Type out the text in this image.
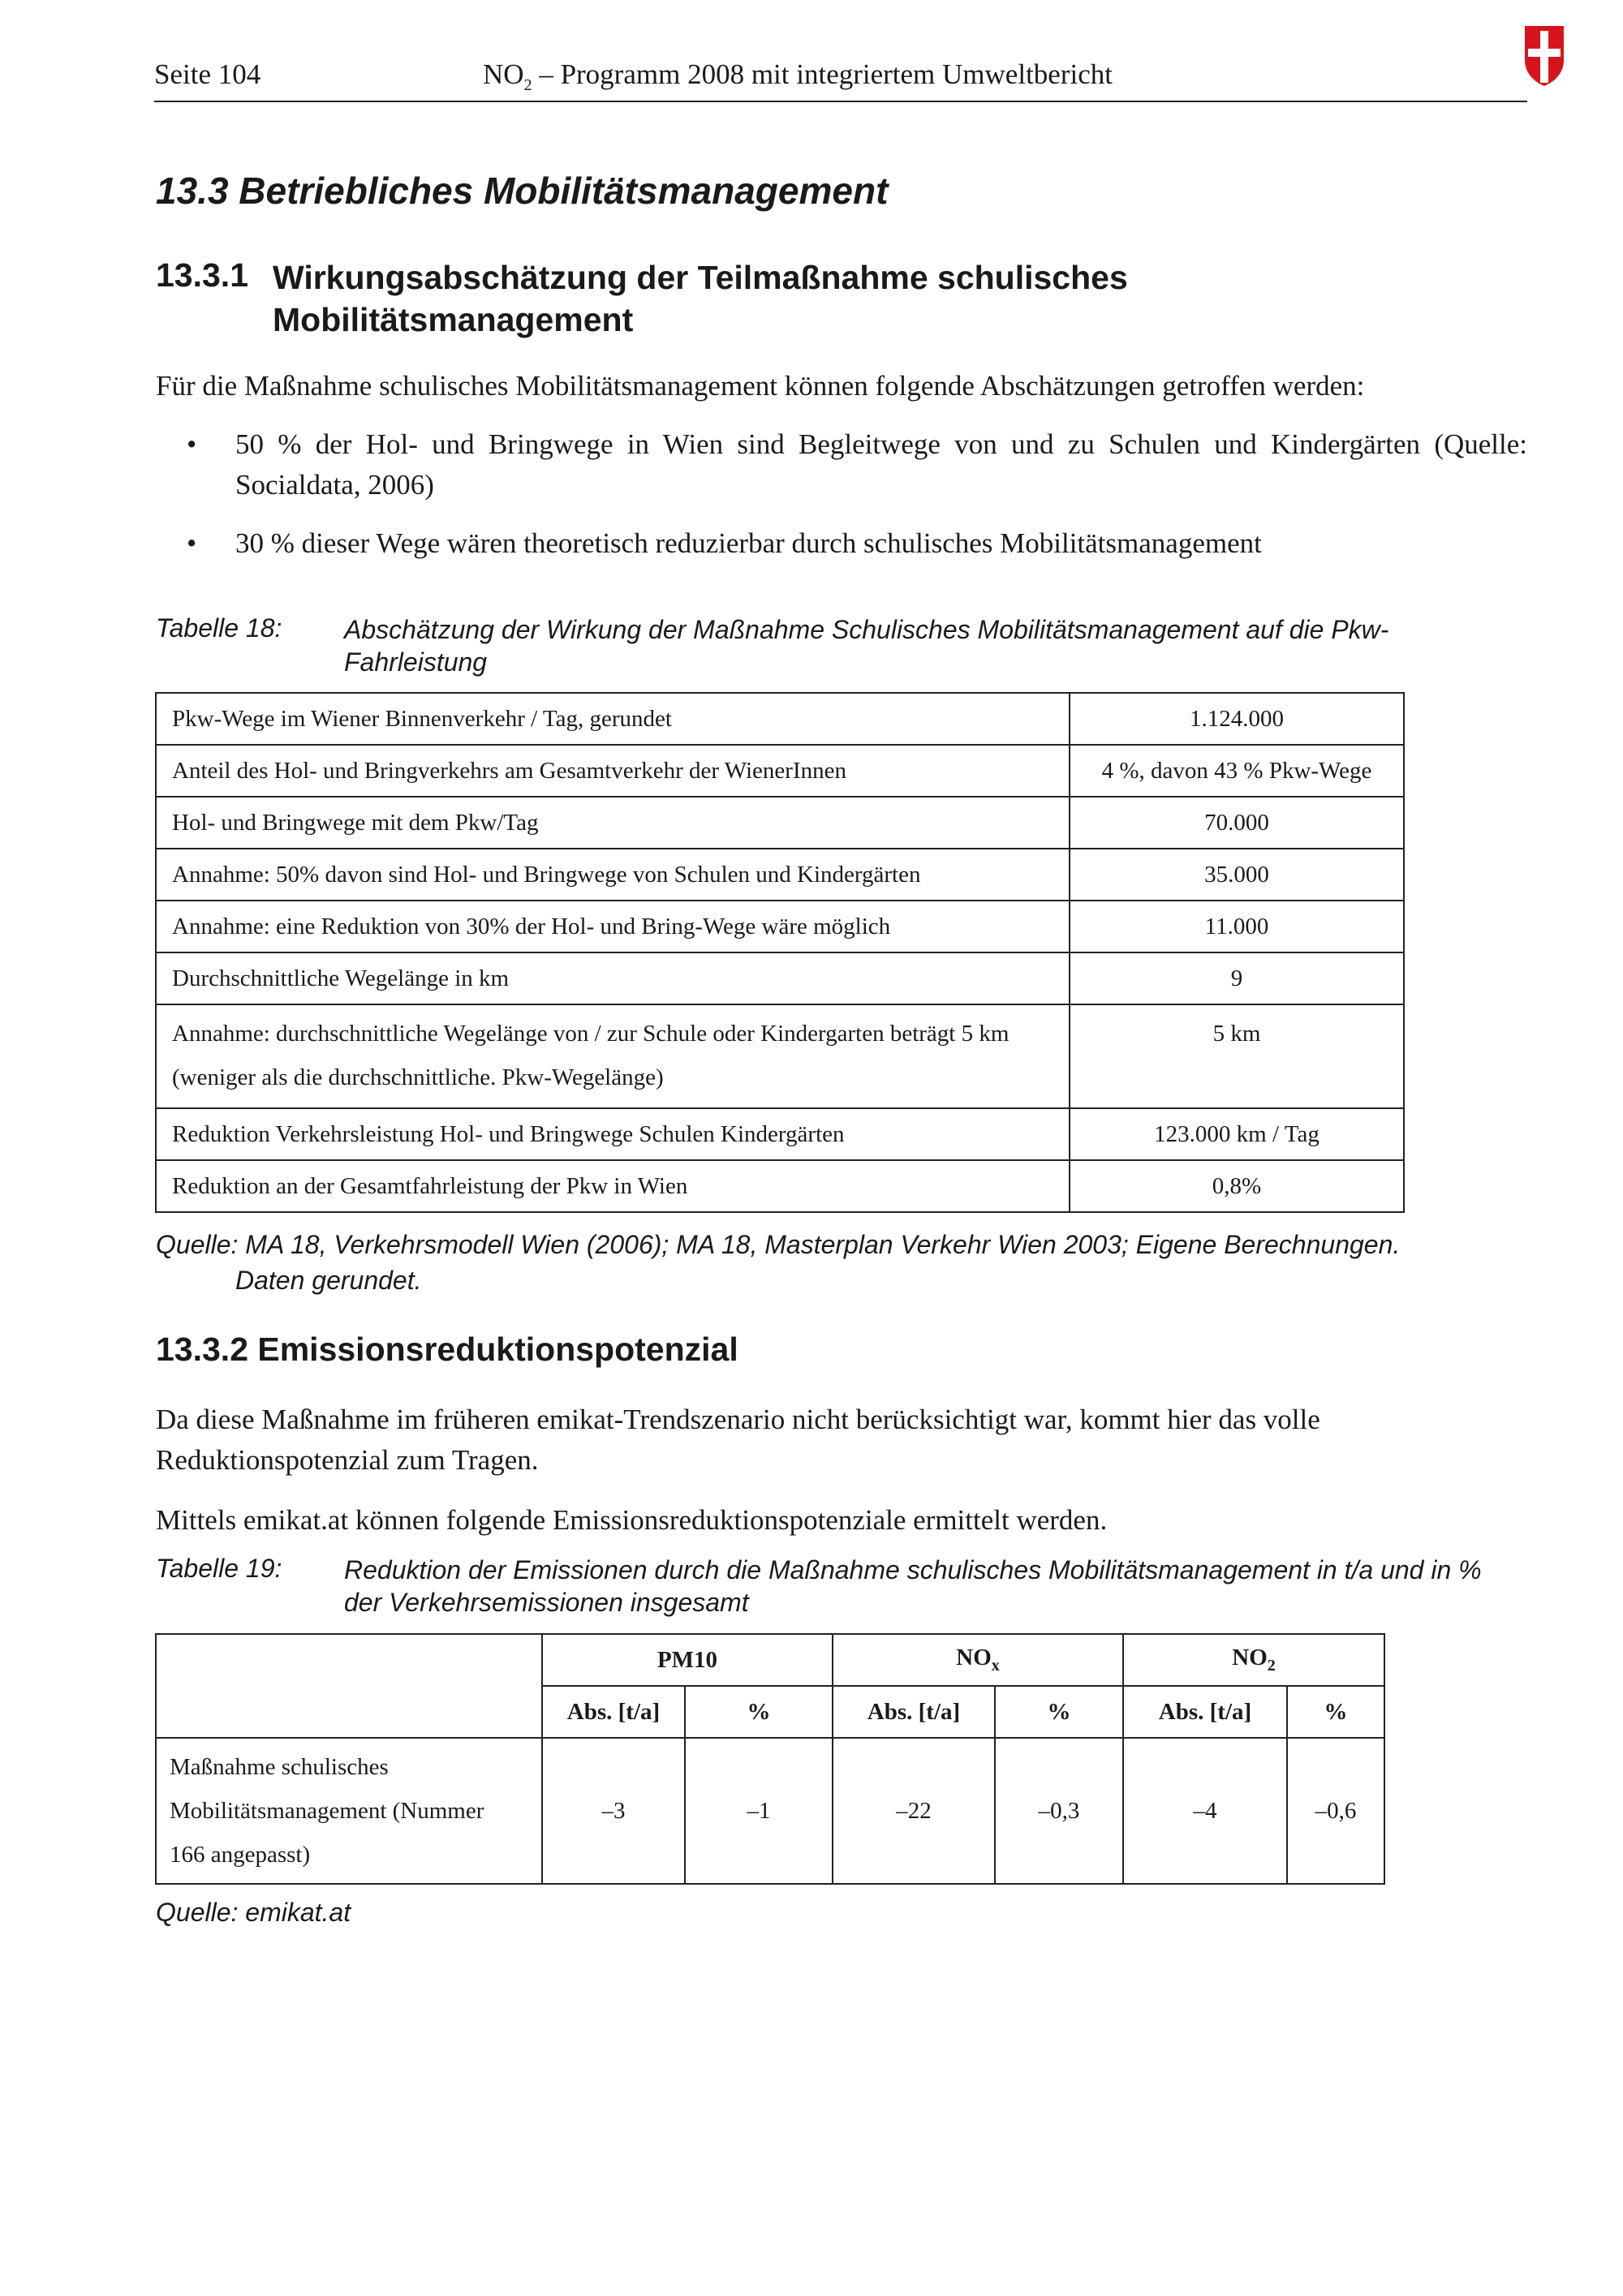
Seite 104	$NO_2$ – Programm 2008 mit integriertem Umweltbericht
13.3 Betriebliches Mobilitätsmanagement
13.3.1 Wirkungsabschätzung der Teilmaßnahme schulisches
Mobilitätsmanagement
Für die Maßnahme schulisches Mobilitätsmanagement können folgende Abschätzungen getroffen werden:
• 50 % der Hol- und Bringwege in Wien sind Begleitwege von und zu Schulen und Kindergärten (Quelle: Socialdata, 2006)
• 30 % dieser Wege wären theoretisch reduzierbar durch schulisches Mobilitätsmanagement
Tabelle 18: Abschätzung der Wirkung der Maßnahme Schulisches Mobilitätsmanagement auf die Pkw-Fahrleistung
Pkw-Wege im Wiener Binnenverkehr / Tag, gerundet	1.124.000
Anteil des Hol- und Bringverkehrs am Gesamtverkehr der WienerInnen	4 %, davon 43 % Pkw-Wege
Hol- und Bringwege mit dem Pkw/Tag	70.000
Annahme: 50% davon sind Hol- und Bringwege von Schulen und Kindergärten	35.000
Annahme: eine Reduktion von 30% der Hol- und Bring-Wege wäre möglich	11.000
Durchschnittliche Wegelänge in km	9

Annahme: durchschnittliche Wegelänge von / zur Schule oder Kindergarten beträgt 5 km
(weniger als die durchschnittliche. Pkw-Wegelänge)	5 km
Reduktion Verkehrsleistung Hol- und Bringwege Schulen Kindergärten	123.000 km / Tag
Reduktion an der Gesamtfahrleistung der Pkw in Wien	0,8%
Quelle: MA 18, Verkehrsmodell Wien (2006); MA 18, Masterplan Verkehr Wien 2003; Eigene Berechnungen.
Daten gerundet.
13.3.2 Emissionsreduktionspotenzial
Da diese Maßnahme im früheren emikat-Trendszenario nicht berücksichtigt war, kommt hier das volle Reduktionspotenzial zum Tragen.
Mittels emikat.at können folgende Emissionsreduktionspotenziale ermittelt werden.
Tabelle 19: Reduktion der Emissionen durch die Maßnahme schulisches Mobilitätsmanagement in t/a und in % der Verkehrsemissionen insgesamt
	PM10		$NO_x$		$NO_2$
	Abs. [t/a]	%	Abs. [t/a]	%	Abs. [t/a]	%

Maßnahme schulisches
Mobilitätsmanagement (Nummer
166 angepasst)	–3	–1	–22	–0,3	–4	–0,6
Quelle: emikat.at
